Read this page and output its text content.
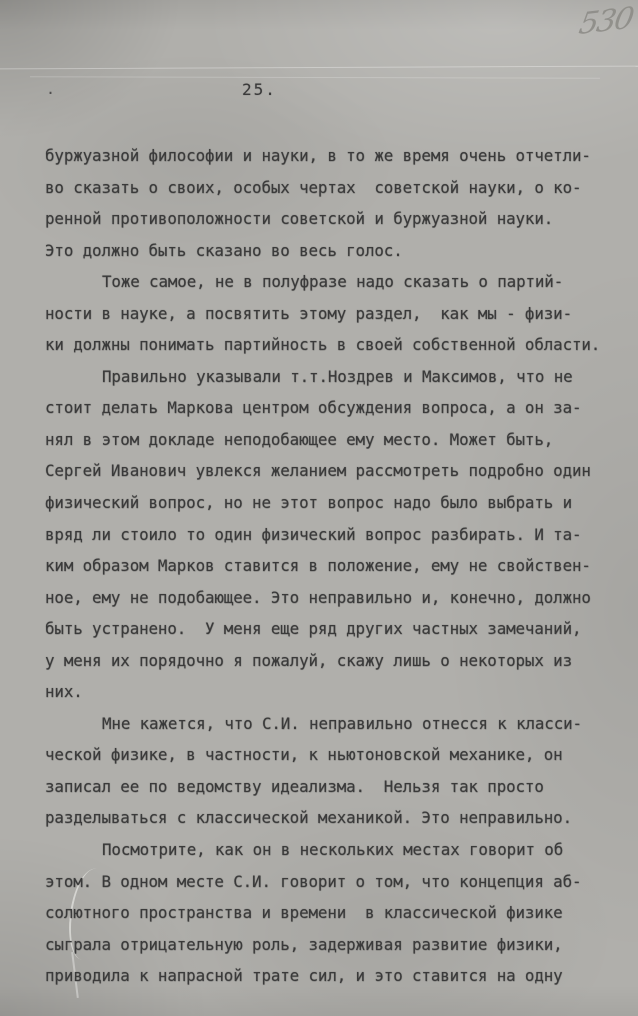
530
.	25.
буржуазной философии и науки, в то же время очень отчетли-
во сказать о своих, особых чертах  советской науки, о ко-
ренной противоположности советской и буржуазной науки.
Это должно быть сказано во весь голос.
Тоже самое, не в полуфразе надо сказать о партий-
ности в науке, а посвятить этому раздел,  как мы - физи-
ки должны понимать партийность в своей собственной области.
Правильно указывали т.т.Ноздрев и Максимов, что не
стоит делать Маркова центром обсуждения вопроса, а он за-
нял в этом докладе неподобающее ему место. Может быть,
Сергей Иванович увлекся желанием рассмотреть подробно один
физический вопрос, но не этот вопрос надо было выбрать и
вряд ли стоило то один физический вопрос разбирать. И та-
ким образом Марков ставится в положение, ему не свойствен-
ное, ему не подобающее. Это неправильно и, конечно, должно
быть устранено.  У меня еще ряд других частных замечаний,
у меня их порядочно я пожалуй, скажу лишь о некоторых из
них.
Мне кажется, что С.И. неправильно отнесся к класси-
ческой физике, в частности, к ньютоновской механике, он
записал ее по ведомству идеализма.  Нельзя так просто
разделываться с классической механикой. Это неправильно.
Посмотрите, как он в нескольких местах говорит об
этом. В одном месте С.И. говорит о том, что концепция аб-
солютного пространства и времени  в классической физике
сыграла отрицательную роль, задерживая развитие физики,
приводила к напрасной трате сил, и это ставится на одну
